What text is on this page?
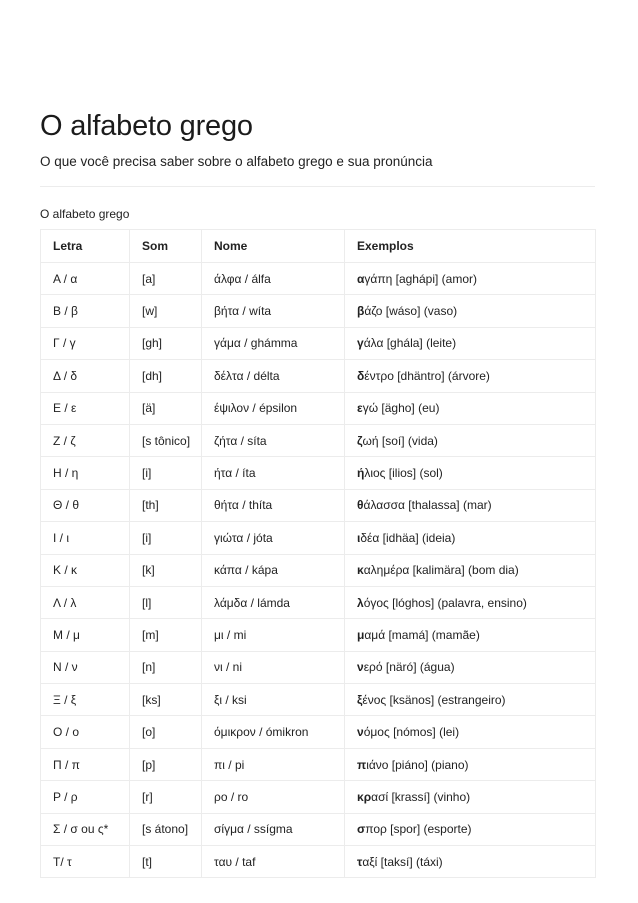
O alfabeto grego

O que você precisa saber sobre o alfabeto grego e sua pronúncia

O alfabeto grego

Letra	Som	Nome	Exemplos
Α / α	[a]	άλφα / álfa	αγάπη [aghápi] (amor)
Β / β	[w]	βήτα / wíta	βάζο [wáso] (vaso)
Γ / γ	[gh]	γάμα / ghámma	γάλα [ghála] (leite)
Δ / δ	[dh]	δέλτα / délta	δέντρο [dhäntro] (árvore)
Ε / ε	[ä]	έψιλον / épsilon	εγώ [ägho] (eu)
Ζ / ζ	[s tônico]	ζήτα / síta	ζωή [soí] (vida)
Η / η	[i]	ήτα / íta	ήλιος [ilios] (sol)
Θ / θ	[th]	θήτα / thíta	θάλασσα [thalassa] (mar)
Ι / ι	[i]	γιώτα / jóta	ιδέα [idhäa] (ideia)
Κ / κ	[k]	κάπα / kápa	καλημέρα [kalimära] (bom dia)
Λ / λ	[l]	λάμδα / lámda	λόγος [lóghos] (palavra, ensino)
Μ / μ	[m]	μι / mi	μαμά [mamá] (mamãe)
Ν / ν	[n]	νι / ni	νερό [näró] (água)
Ξ / ξ	[ks]	ξι / ksi	ξένος [ksänos] (estrangeiro)
Ο / ο	[o]	όμικρον / ómikron	νόμος [nómos] (lei)
Π / π	[p]	πι / pi	πιάνο [piáno] (piano)
Ρ / ρ	[r]	ρο / ro	κρασί [krassí] (vinho)
Σ / σ ou ς*	[s átono]	σίγμα / ssígma	σπορ [spor] (esporte)
Τ/ τ	[t]	ταυ / taf	ταξί [taksí] (táxi)
